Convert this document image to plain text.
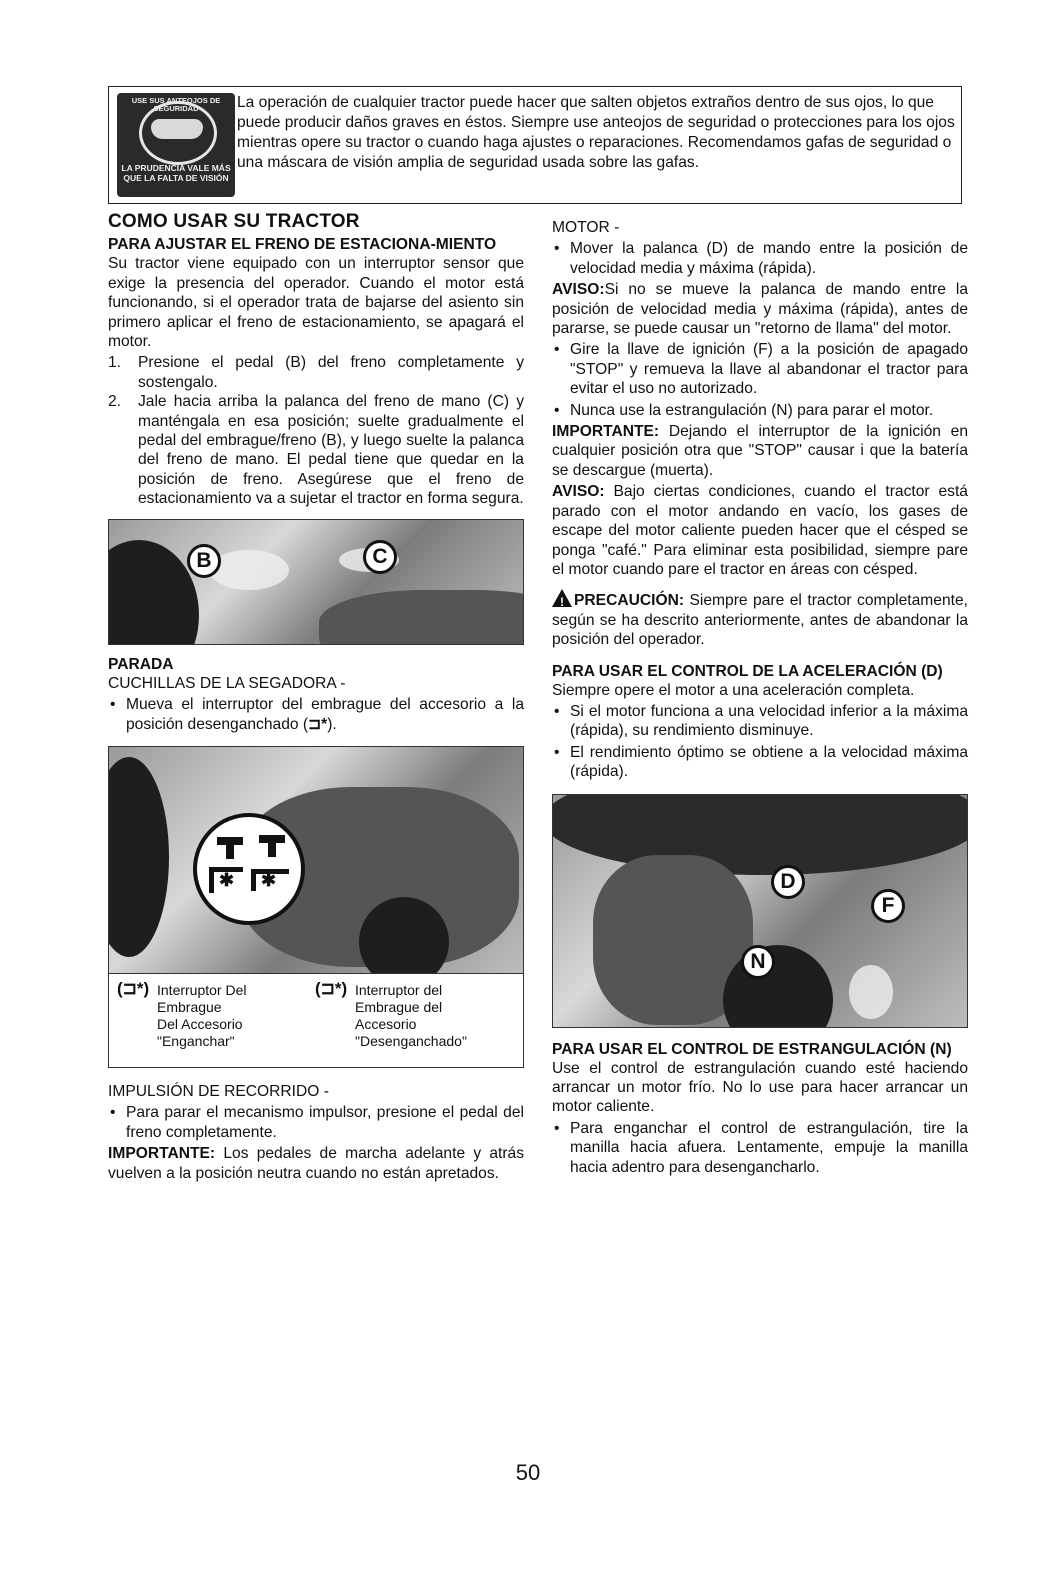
USE SUS ANTEOJOS DE SEGURIDAD
LA PRUDENCIA VALE MÁS QUE LA FALTA DE VISIÓN
La operación de cualquier tractor puede hacer que salten objetos extraños dentro de sus ojos, lo que puede producir daños graves en éstos. Siempre use anteojos de seguridad o protecciones para los ojos mientras opere su tractor o cuando haga ajustes o reparaciones. Recomendamos gafas de seguridad o una máscara de visión amplia de seguridad usada sobre las gafas.
COMO USAR SU TRACTOR
PARA AJUSTAR EL FRENO DE ESTACIONA-MIENTO

Su tractor viene equipado con un interruptor sensor que exige la presencia del operador. Cuando el motor está funcionando, si el operador trata de bajarse del asiento sin primero aplicar el freno de estacionamiento, se apagará el motor.

1. Presione el pedal (B) del freno completamente y sostengalo.
2. Jale hacia arriba la palanca del freno de mano (C) y manténgala en esa posición; suelte gradualmente el pedal del embrague/freno (B), y luego suelte la palanca del freno de mano. El pedal tiene que quedar en la posición de freno. Asegúrese que el freno de estacionamiento va a sujetar el tractor en forma segura.
B	C
PARADA

CUCHILLAS DE LA SEGADORA -

• Mueva el interruptor del embrague del accesorio a la posición desenganchado (⊐*).
✱ ✱
(⊐*) Interruptor Del
Embrague
Del Accesorio
"Enganchar"
(⊐*) Interruptor del
Embrague del
Accesorio
"Desenganchado"

IMPULSIÓN DE RECORRIDO -

• Para parar el mecanismo impulsor, presione el pedal del freno completamente.

IMPORTANTE: Los pedales de marcha adelante y atrás vuelven a la posición neutra cuando no están apretados.

MOTOR -

• Mover la palanca (D) de mando entre la posición de velocidad media y máxima (rápida).

AVISO:Si no se mueve la palanca de mando entre la posición de velocidad media y máxima (rápida), antes de pararse, se puede causar un "retorno de llama" del motor.

• Gire la llave de ignición (F) a la posición de apagado "STOP" y remueva la llave al abandonar el tractor para evitar el uso no autorizado.
• Nunca use la estrangulación (N) para parar el motor.

IMPORTANTE: Dejando el interruptor de la ignición en cualquier posición otra que "STOP" causar i que la batería se descargue (muerta).

AVISO: Bajo ciertas condiciones, cuando el tractor está parado con el motor andando en vacío, los gases de escape del motor caliente pueden hacer que el césped se ponga "café." Para eliminar esta posibilidad, siempre pare el motor cuando pare el tractor en áreas con césped.

! PRECAUCIÓN: Siempre pare el tractor completamente, según se ha descrito anteriormente, antes de abandonar la posición del operador.

PARA USAR EL CONTROL DE LA ACELERACIÓN (D)

Siempre opere el motor a una aceleración completa.

• Si el motor funciona a una velocidad inferior a la máxima (rápida), su rendimiento disminuye.
• El rendimiento óptimo se obtiene a la velocidad máxima (rápida).
D
F
N
PARA USAR EL CONTROL DE ESTRANGULACIÓN (N)

Use el control de estrangulación cuando esté haciendo arrancar un motor frío. No lo use para hacer arrancar un motor caliente.

• Para enganchar el control de estrangulación, tire la manilla hacia afuera. Lentamente, empuje la manilla hacia adentro para desengancharlo.
50
